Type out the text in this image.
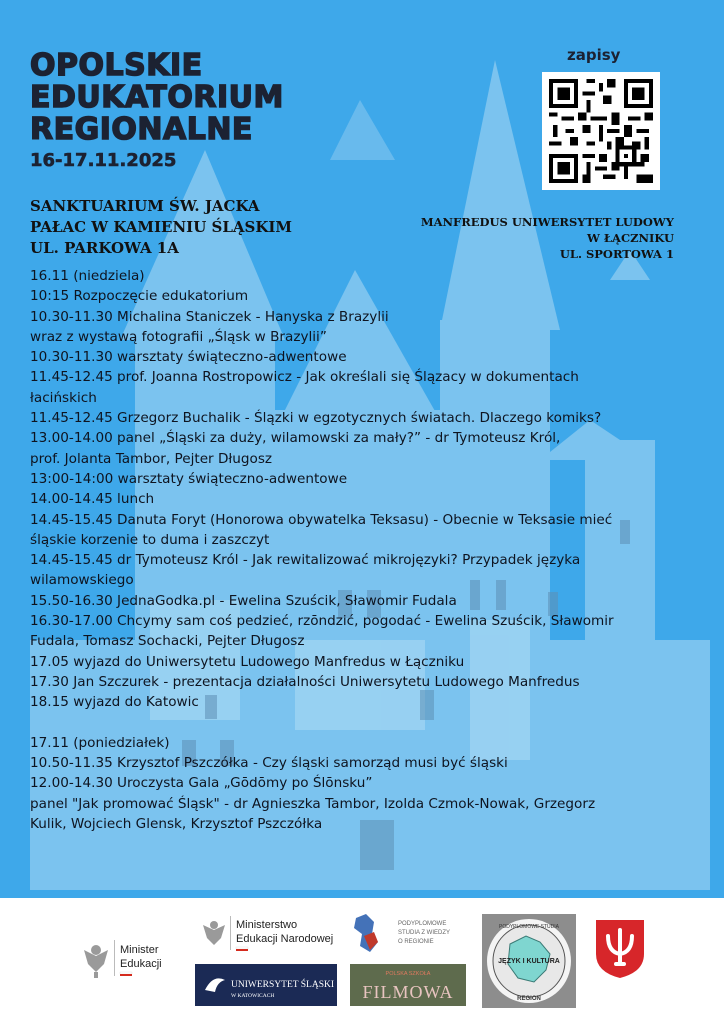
OPOLSKIE
EDUKATORIUM
REGIONALNE
16-17.11.2025
SANKTUARIUM ŚW. JACKA
PAŁAC W KAMIENIU ŚLĄSKIM
UL. PARKOWA 1A
zapisy
MANFREDUS UNIWERSYTET LUDOWY
W ŁĄCZNIKU
UL. SPORTOWA 1
16.11 (niedziela)
10:15 Rozpoczęcie edukatorium
10.30-11.30 Michalina Staniczek - Hanyska z Brazylii
wraz z wystawą fotografii „Śląsk w Brazylii”
10.30-11.30 warsztaty świąteczno-adwentowe
11.45-12.45 prof. Joanna Rostropowicz - Jak określali się Ślązacy w dokumentach
łacińskich
11.45-12.45 Grzegorz Buchalik - Ślązki w egzotycznych światach. Dlaczego komiks?
13.00-14.00 panel „Śląski za duży, wilamowski za mały?” - dr Tymoteusz Król,
prof. Jolanta Tambor, Pejter Długosz
13:00-14:00 warsztaty świąteczno-adwentowe
14.00-14.45 lunch
14.45-15.45 Danuta Foryt (Honorowa obywatelka Teksasu) - Obecnie w Teksasie mieć
śląskie korzenie to duma i zaszczyt
14.45-15.45 dr Tymoteusz Król - Jak rewitalizować mikrojęzyki? Przypadek języka
wilamowskiego
15.50-16.30 JednaGodka.pl - Ewelina Szuścik, Sławomir Fudala
16.30-17.00 Chcymy sam coś pedzieć, rzōndzić, pogodać - Ewelina Szuścik, Sławomir
Fudala, Tomasz Sochacki, Pejter Długosz
17.05 wyjazd do Uniwersytetu Ludowego Manfredus w Łączniku
17.30 Jan Szczurek - prezentacja działalności Uniwersytetu Ludowego Manfredus
18.15 wyjazd do Katowic
17.11 (poniedziałek)
10.50-11.35 Krzysztof Pszczółka - Czy śląski samorząd musi być śląski
12.00-14.30 Uroczysta Gala „Gōdōmy po Ślōnsku”
panel "Jak promować Śląsk" - dr Agnieszka Tambor, Izolda Czmok-Nowak, Grzegorz
Kulik, Wojciech Glensk, Krzysztof Pszczółka
Minister
Edukacji
Ministerstwo
Edukacji Narodowej
UNIWERSYTET ŚLĄSKI
W KATOWICACH
PODYPLOMOWE
STUDIA Z WIEDZY
O REGIONIE
POLSKA SZKOŁA
FILMOWA
PODYPLOMOWE STUDIA
JĘZYK I KULTURA
REGION
